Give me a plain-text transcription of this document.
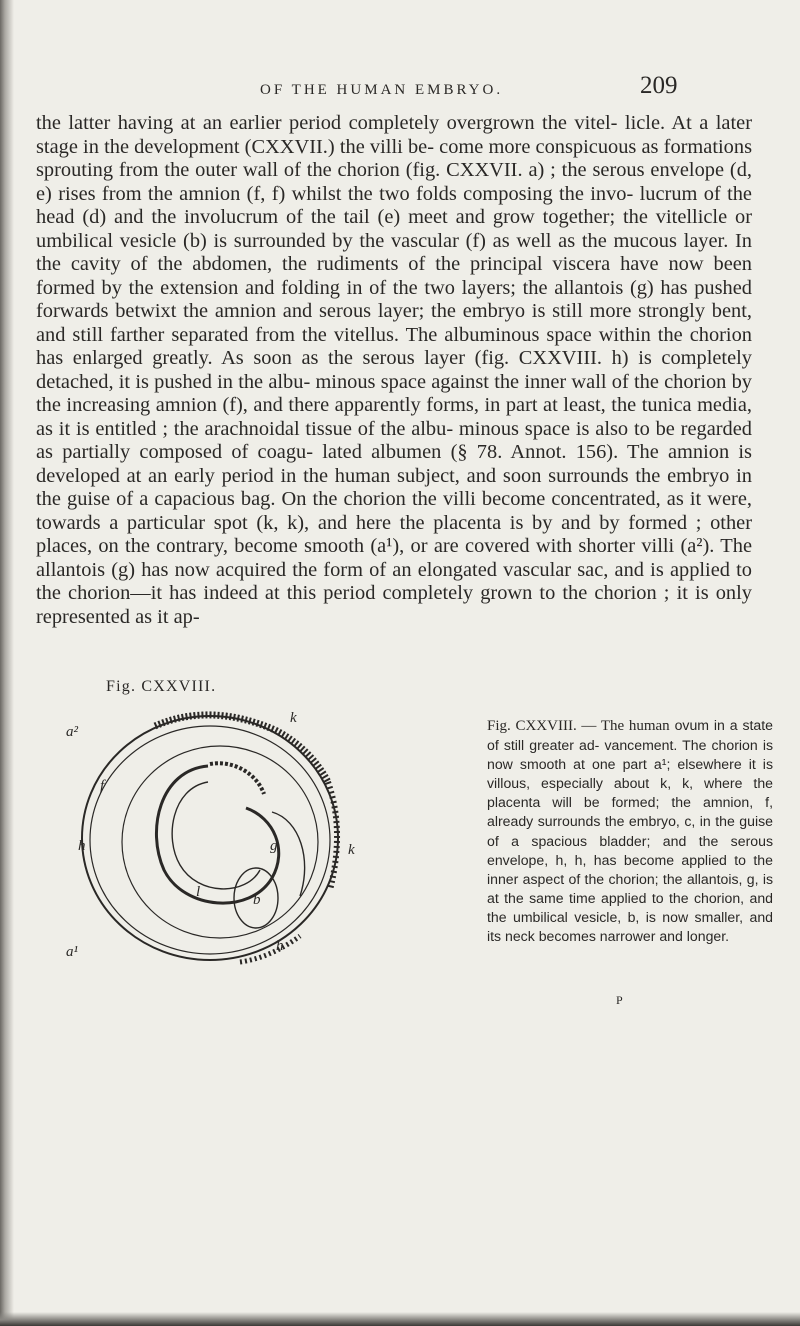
OF THE HUMAN EMBRYO.	209

the latter having at an earlier period completely overgrown the vitel- licle. At a later stage in the development (CXXVII.) the villi be- come more conspicuous as formations sprouting from the outer wall of the chorion (fig. CXXVII. a) ; the serous envelope (d, e) rises from the amnion (f, f) whilst the two folds composing the invo- lucrum of the head (d) and the involucrum of the tail (e) meet and grow together; the vitellicle or umbilical vesicle (b) is surrounded by the vascular (f) as well as the mucous layer. In the cavity of the abdomen, the rudiments of the principal viscera have now been formed by the extension and folding in of the two layers; the allantois (g) has pushed forwards betwixt the amnion and serous layer; the embryo is still more strongly bent, and still farther separated from the vitellus. The albuminous space within the chorion has enlarged greatly. As soon as the serous layer (fig. CXXVIII. h) is completely detached, it is pushed in the albu- minous space against the inner wall of the chorion by the increasing amnion (f), and there apparently forms, in part at least, the tunica media, as it is entitled ; the arachnoidal tissue of the albu- minous space is also to be regarded as partially composed of coagu- lated albumen (§ 78. Annot. 156). The amnion is developed at an early period in the human subject, and soon surrounds the embryo in the guise of a capacious bag. On the chorion the villi become concentrated, as it were, towards a particular spot (k, k), and here the placenta is by and by formed ; other places, on the contrary, become smooth (a¹), or are covered with shorter villi (a²). The allantois (g) has now acquired the form of an elongated vascular sac, and is applied to the chorion—it has indeed at this period completely grown to the chorion ; it is only represented as it ap-

Fig. CXXVIII.
k
a²
f
h	g
l	b
h
a¹
k

Fig. CXXVIII. — The human ovum in a state of still greater ad- vancement. The chorion is now smooth at one part a¹; elsewhere it is villous, especially about k, k, where the placenta will be formed; the amnion, f, already surrounds the embryo, c, in the guise of a spacious bladder; and the serous envelope, h, h, has become applied to the inner aspect of the chorion; the allantois, g, is at the same time applied to the chorion, and the umbilical vesicle, b, is now smaller, and its neck becomes narrower and longer.

P
